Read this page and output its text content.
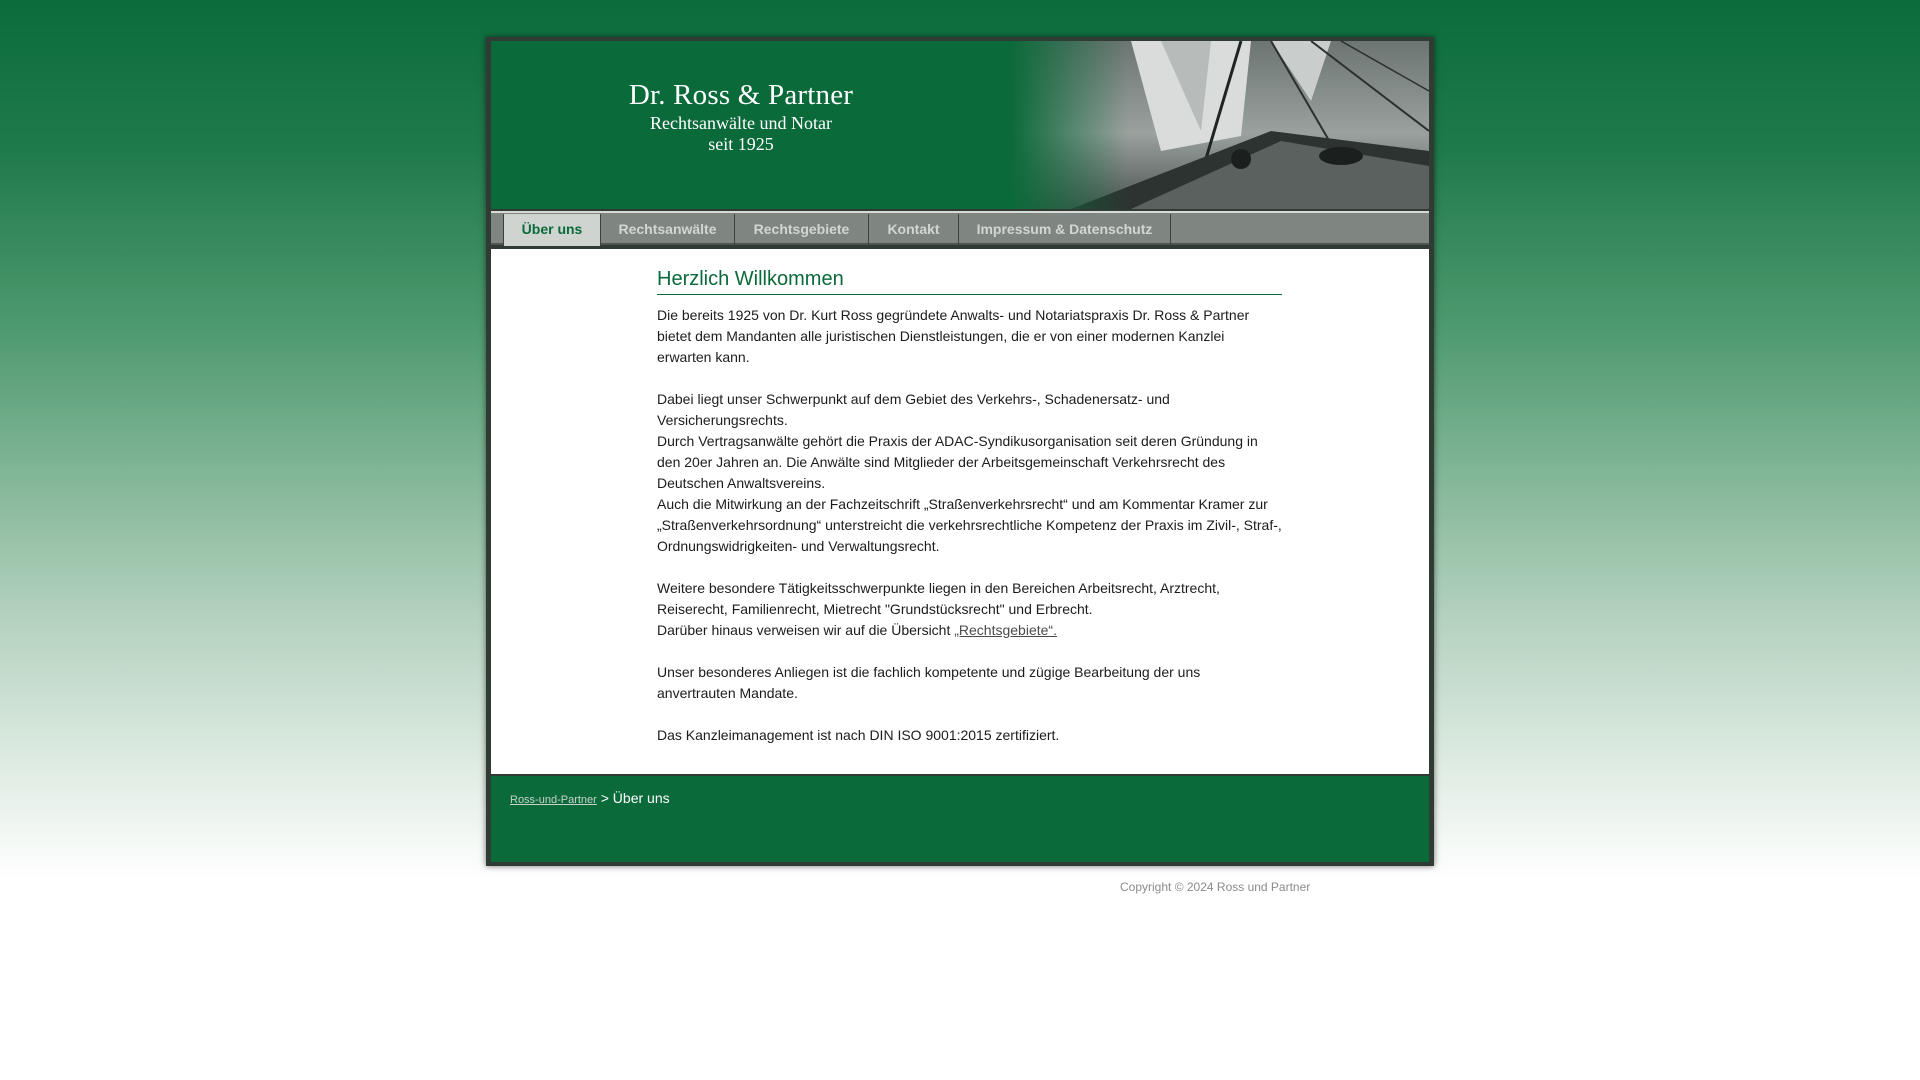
Dr. Ross & Partner
Rechtsanwälte und Notar
seit 1925
Über uns	Rechtsanwälte	Rechtsgebiete	Kontakt	Impressum & Datenschutz
Herzlich Willkommen

Die bereits 1925 von Dr. Kurt Ross gegründete Anwalts- und Notariatspraxis Dr. Ross & Partner
bietet dem Mandanten alle juristischen Dienstleistungen, die er von einer modernen Kanzlei
erwarten kann.

Dabei liegt unser Schwerpunkt auf dem Gebiet des Verkehrs-, Schadenersatz- und
Versicherungsrechts.
Durch Vertragsanwälte gehört die Praxis der ADAC-Syndikusorganisation seit deren Gründung in
den 20er Jahren an. Die Anwälte sind Mitglieder der Arbeitsgemeinschaft Verkehrsrecht des
Deutschen Anwaltsvereins.
Auch die Mitwirkung an der Fachzeitschrift „Straßenverkehrsrecht“ und am Kommentar Kramer zur
„Straßenverkehrsordnung“ unterstreicht die verkehrsrechtliche Kompetenz der Praxis im Zivil-, Straf-,
Ordnungswidrigkeiten- und Verwaltungsrecht.

Weitere besondere Tätigkeitsschwerpunkte liegen in den Bereichen Arbeitsrecht, Arztrecht,
Reiserecht, Familienrecht, Mietrecht "Grundstücksrecht" und Erbrecht.
Darüber hinaus verweisen wir auf die Übersicht „Rechtsgebiete“.

Unser besonderes Anliegen ist die fachlich kompetente und zügige Bearbeitung der uns
anvertrauten Mandate.

Das Kanzleimanagement ist nach DIN ISO 9001:2015 zertifiziert.

Ross-und-Partner > Über uns
Copyright © 2024 Ross und Partner
